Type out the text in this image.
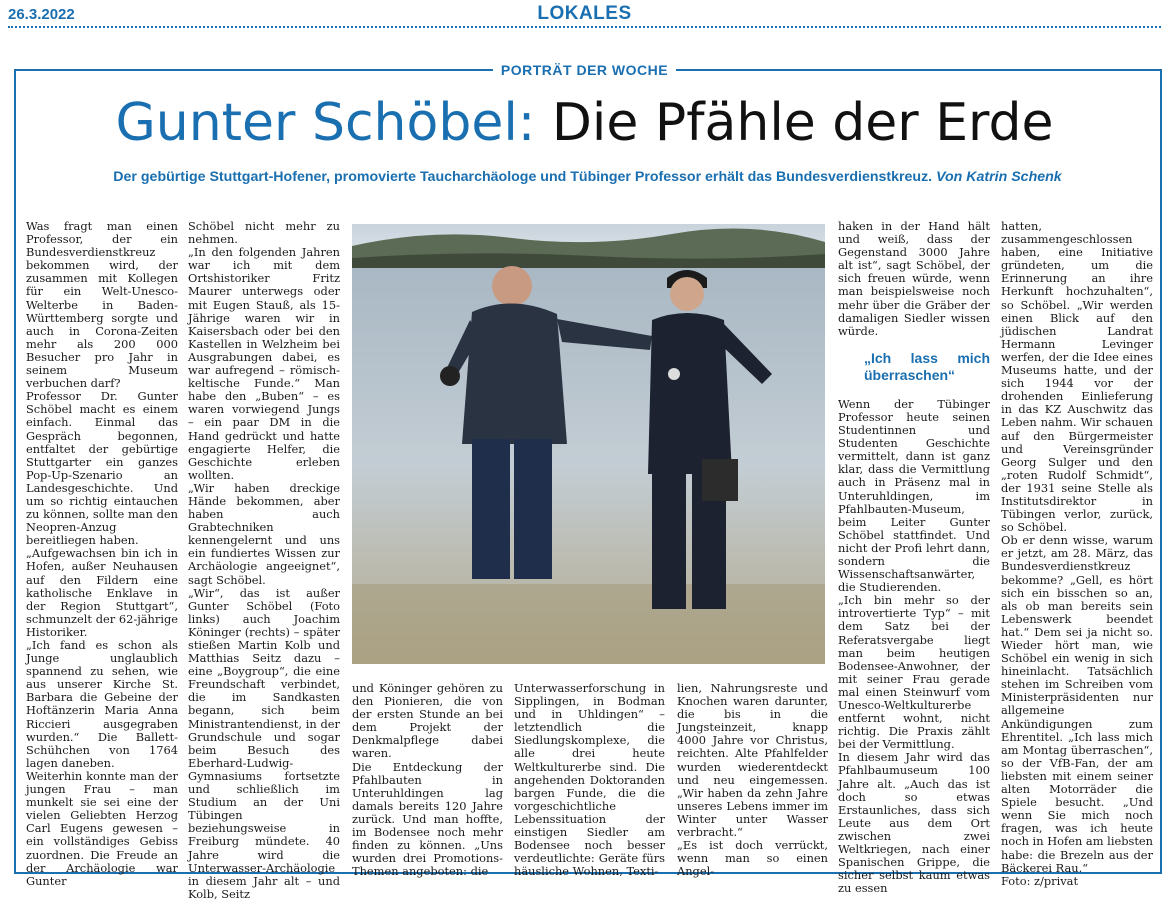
26.3.2022	LOKALES
PORTRÄT DER WOCHE
Gunter Schöbel: Die Pfähle der Erde
Der gebürtige Stuttgart-Hofener, promovierte Taucharchäologe und Tübinger Professor erhält das Bundesverdienstkreuz. Von Katrin Schenk

Was fragt man einen Professor, der ein Bundesverdienstkreuz bekommen wird, der zusammen mit Kollegen für ein Welt-Unesco-Welterbe in Baden-Württemberg sorgte und auch in Corona-Zeiten mehr als 200 000 Besucher pro Jahr in seinem Museum verbuchen darf?

Professor Dr. Gunter Schöbel macht es einem einfach. Einmal das Gespräch begonnen, entfaltet der gebürtige Stuttgarter ein ganzes Pop-Up-Szenario an Landesgeschichte. Und um so richtig eintauchen zu können, sollte man den Neopren-Anzug bereitliegen haben.

„Aufgewachsen bin ich in Hofen, außer Neuhausen auf den Fildern eine katholische Enklave in der Region Stuttgart“, schmunzelt der 62-jährige Historiker.

„Ich fand es schon als Junge unglaublich spannend zu sehen, wie aus unserer Kirche St. Barbara die Gebeine der Hoftänzerin Maria Anna Riccieri ausgegraben wurden.“ Die Ballett-Schühchen von 1764 lagen daneben.

Weiterhin konnte man der jungen Frau – man munkelt sie sei eine der vielen Geliebten Herzog Carl Eugens gewesen – ein vollständiges Gebiss zuordnen. Die Freude an der Archäologie war Gunter

Schöbel nicht mehr zu nehmen.

„In den folgenden Jahren war ich mit dem Ortshistoriker Fritz Maurer unterwegs oder mit Eugen Stauß, als 15-Jährige waren wir in Kaisersbach oder bei den Kastellen in Welzheim bei Ausgrabungen dabei, es war aufregend – römisch-keltische Funde.“ Man habe den „Buben“ – es waren vorwiegend Jungs – ein paar DM in die Hand gedrückt und hatte engagierte Helfer, die Geschichte erleben wollten.

„Wir haben dreckige Hände bekommen, aber haben auch Grabtechniken kennengelernt und uns ein fundiertes Wissen zur Archäologie angeeignet“, sagt Schöbel.

„Wir“, das ist außer Gunter Schöbel (Foto links) auch Joachim Köninger (rechts) – später stießen Martin Kolb und Matthias Seitz dazu – eine „Boygroup“, die eine Freundschaft verbindet, die im Sandkasten begann, sich beim Ministrantendienst, in der Grundschule und sogar beim Besuch des Eberhard-Ludwig-Gymnasiums fortsetzte und schließlich im Studium an der Uni Tübingen beziehungsweise in Freiburg mündete. 40 Jahre wird die Unterwasser-Archäologie in diesem Jahr alt – und Kolb, Seitz

und Köninger gehören zu den Pionieren, die von der ersten Stunde an bei dem Projekt der Denkmalpflege dabei waren.

Die Entdeckung der Pfahlbauten in Unteruhldingen lag damals bereits 120 Jahre zurück. Und man hoffte, im Bodensee noch mehr finden zu können. „Uns wurden drei Promotions-Themen angeboten: die

Unterwasserforschung in Sipplingen, in Bodman und in Uhldingen“ – letztendlich die Siedlungskomplexe, die alle drei heute Weltkulturerbe sind. Die angehenden Doktoranden bargen Funde, die die vorgeschichtliche Lebenssituation der einstigen Siedler am Bodensee noch besser verdeutlichte: Geräte fürs häusliche Wohnen, Texti-

lien, Nahrungsreste und Knochen waren darunter, die bis in die Jungsteinzeit, knapp 4000 Jahre vor Christus, reichten. Alte Pfahlfelder wurden wiederentdeckt und neu eingemessen. „Wir haben da zehn Jahre unseres Lebens immer im Winter unter Wasser verbracht.“

„Es ist doch verrückt, wenn man so einen Angel-

haken in der Hand hält und weiß, dass der Gegenstand 3000 Jahre alt ist“, sagt Schöbel, der sich freuen würde, wenn man beispielsweise noch mehr über die Gräber der damaligen Siedler wissen würde.

„Ich lass mich überraschen“

Wenn der Tübinger Professor heute seinen Studentinnen und Studenten Geschichte vermittelt, dann ist ganz klar, dass die Vermittlung auch in Präsenz mal in Unteruhldingen, im Pfahlbauten-Museum, beim Leiter Gunter Schöbel stattfindet. Und nicht der Profi lehrt dann, sondern die Wissenschaftsanwärter, die Studierenden.

„Ich bin mehr so der introvertierte Typ“ – mit dem Satz bei der Referatsvergabe liegt man beim heutigen Bodensee-Anwohner, der mit seiner Frau gerade mal einen Steinwurf vom Unesco-Weltkulturerbe entfernt wohnt, nicht richtig. Die Praxis zählt bei der Vermittlung.

In diesem Jahr wird das Pfahlbaumuseum 100 Jahre alt. „Auch das ist doch so etwas Erstaunliches, dass sich Leute aus dem Ort zwischen zwei Weltkriegen, nach einer Spanischen Grippe, die sicher selbst kaum etwas zu essen

hatten, zusammengeschlossen haben, eine Initiative gründeten, um die Erinnerung an ihre Herkunft hochzuhalten“, so Schöbel. „Wir werden einen Blick auf den jüdischen Landrat Hermann Levinger werfen, der die Idee eines Museums hatte, und der sich 1944 vor der drohenden Einlieferung in das KZ Auschwitz das Leben nahm. Wir schauen auf den Bürgermeister und Vereinsgründer Georg Sulger und den „roten Rudolf Schmidt“, der 1931 seine Stelle als Institutsdirektor in Tübingen verlor, zurück, so Schöbel.

Ob er denn wisse, warum er jetzt, am 28. März, das Bundesverdienstkreuz bekomme? „Gell, es hört sich ein bisschen so an, als ob man bereits sein Lebenswerk beendet hat.“ Dem sei ja nicht so. Wieder hört man, wie Schöbel ein wenig in sich hineinlacht. Tatsächlich stehen im Schreiben vom Ministerpräsidenten nur allgemeine Ankündigungen zum Ehrentitel. „Ich lass mich am Montag überraschen“, so der VfB-Fan, der am liebsten mit einem seiner alten Motorräder die Spiele besucht. „Und wenn Sie mich noch fragen, was ich heute noch in Hofen am liebsten habe: die Brezeln aus der Bäckerei Rau.“

Foto: z/privat
